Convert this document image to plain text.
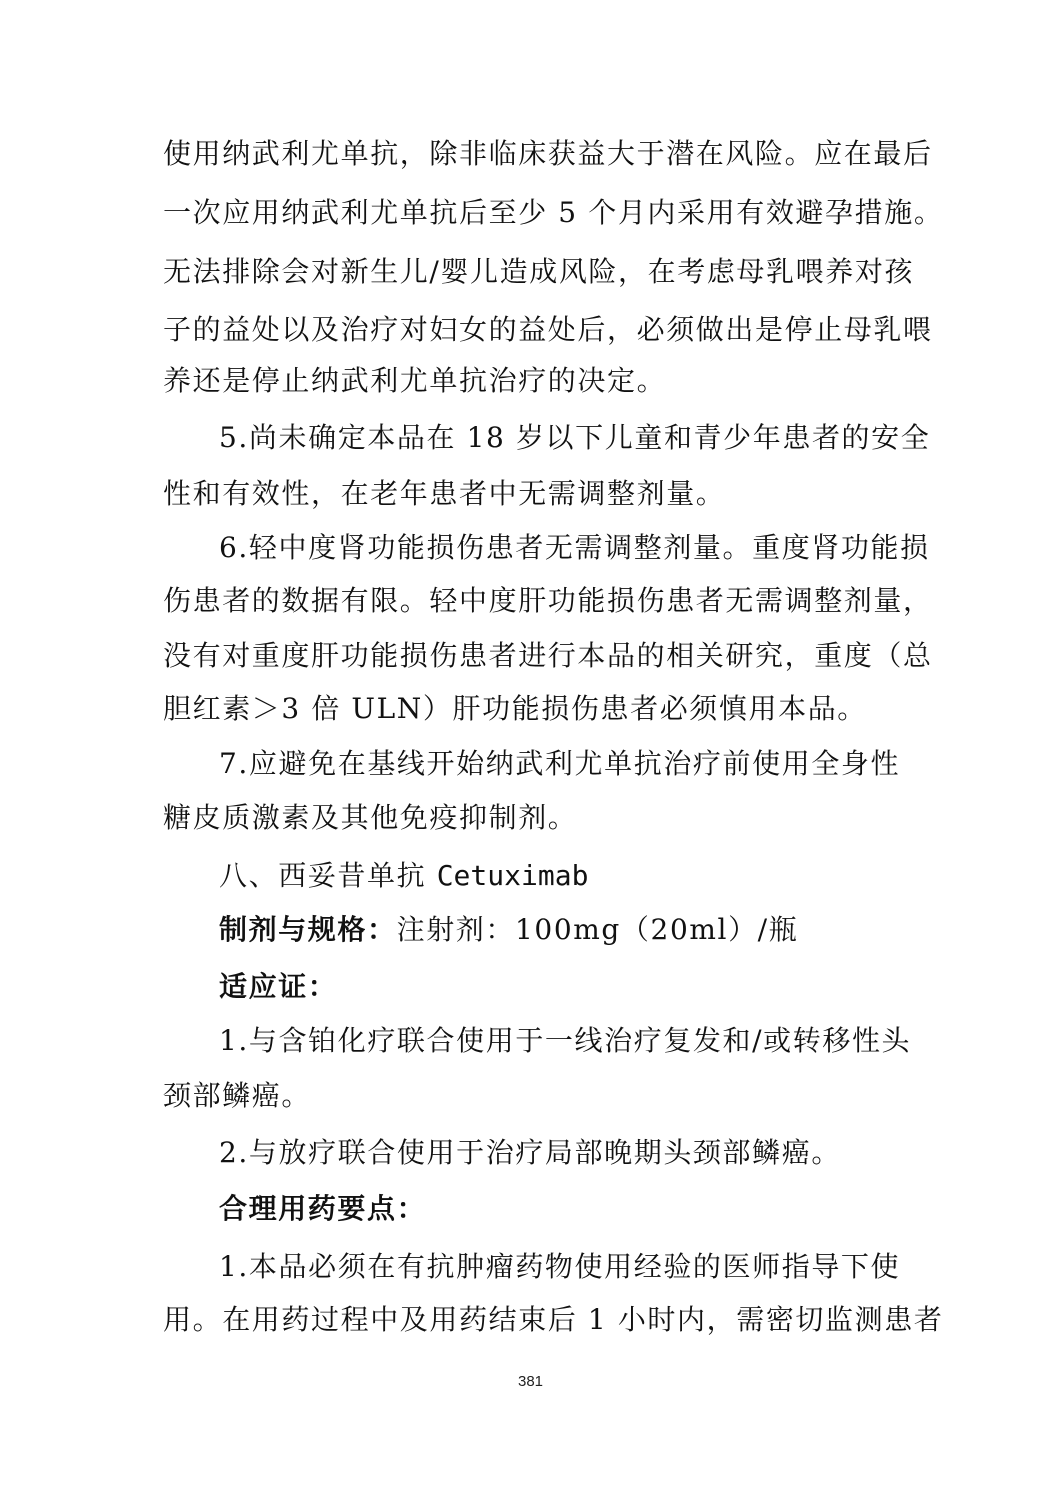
使用纳武利尤单抗，除非临床获益大于潜在风险。应在最后
一次应用纳武利尤单抗后至少 5 个月内采用有效避孕措施。
无法排除会对新生儿/婴儿造成风险，在考虑母乳喂养对孩
子的益处以及治疗对妇女的益处后，必须做出是停止母乳喂
养还是停止纳武利尤单抗治疗的决定。
5.尚未确定本品在 18 岁以下儿童和青少年患者的安全
性和有效性，在老年患者中无需调整剂量。
6.轻中度肾功能损伤患者无需调整剂量。重度肾功能损
伤患者的数据有限。轻中度肝功能损伤患者无需调整剂量，
没有对重度肝功能损伤患者进行本品的相关研究，重度（总
胆红素＞3 倍 ULN）肝功能损伤患者必须慎用本品。
7.应避免在基线开始纳武利尤单抗治疗前使用全身性
糖皮质激素及其他免疫抑制剂。
八、西妥昔单抗 Cetuximab
制剂与规格：注射剂：100mg（20ml）/瓶
适应证：
1.与含铂化疗联合使用于一线治疗复发和/或转移性头
颈部鳞癌。
2.与放疗联合使用于治疗局部晚期头颈部鳞癌。
合理用药要点：
1.本品必须在有抗肿瘤药物使用经验的医师指导下使
用。在用药过程中及用药结束后 1 小时内，需密切监测患者
381
